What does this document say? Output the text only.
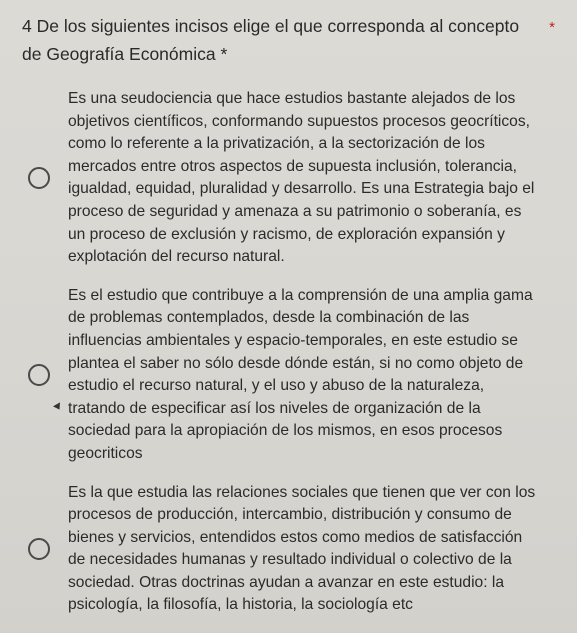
4 De los siguientes incisos elige el que corresponda al concepto de Geografía Económica *
*
Es una seudociencia que hace estudios bastante alejados de los objetivos científicos, conformando supuestos procesos geocríticos, como lo referente a la privatización, a la sectorización de los mercados entre otros aspectos de supuesta inclusión, tolerancia, igualdad, equidad, pluralidad y desarrollo. Es una Estrategia bajo el proceso de seguridad y amenaza a su patrimonio o soberanía, es un proceso de exclusión y racismo, de exploración expansión y explotación del recurso natural.
Es el estudio que contribuye a la comprensión de una amplia gama de problemas contemplados, desde la combinación de las influencias ambientales y espacio-temporales, en este estudio se plantea el saber no sólo desde dónde están, si no como objeto de estudio el recurso natural, y el uso y abuso de la naturaleza, tratando de especificar así los niveles de organización de la sociedad para la apropiación de los mismos, en esos procesos geocriticos
Es la que estudia las relaciones sociales que tienen que ver con los procesos de producción, intercambio, distribución y consumo de bienes y servicios, entendidos estos como medios de satisfacción de necesidades humanas y resultado individual o colectivo de la sociedad. Otras doctrinas ayudan a avanzar en este estudio: la psicología, la filosofía, la historia, la sociología etc
